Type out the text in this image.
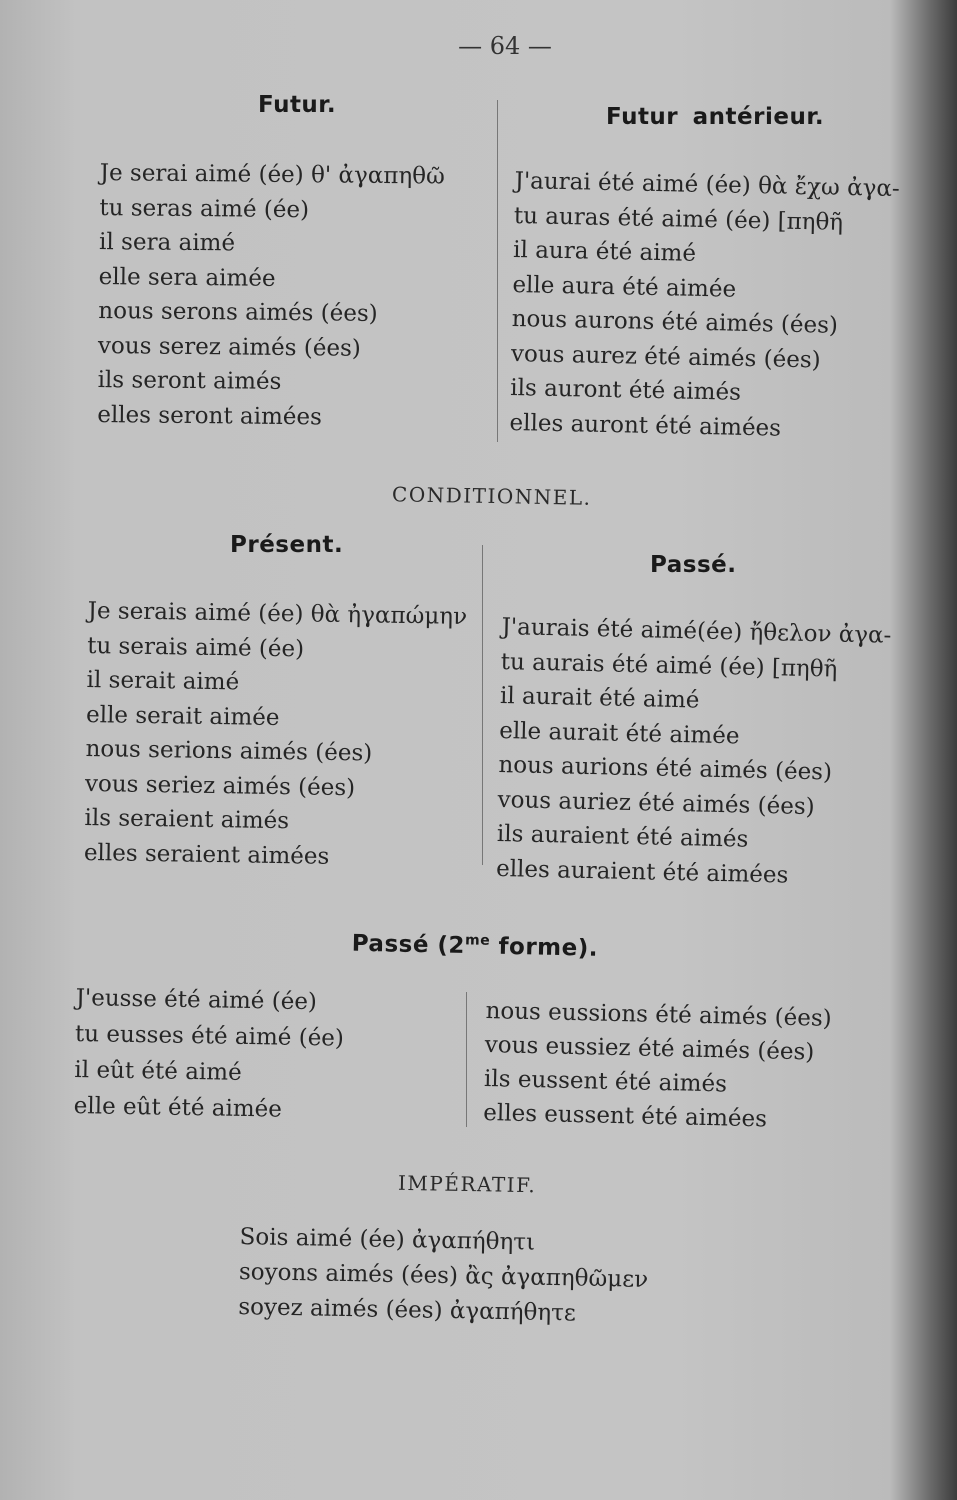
— 64 —
Futur.
Je serai aimé (ée) θ' ἀγαπηθῶ
tu seras aimé (ée)
il sera aimé
elle sera aimée
nous serons aimés (ées)
vous serez aimés (ées)
ils seront aimés
elles seront aimées
Futur antérieur.
J'aurai été aimé (ée) θὰ ἔχω ἀγα-
tu auras été aimé (ée) [πηθῆ
il aura été aimé
elle aura été aimée
nous aurons été aimés (ées)
vous aurez été aimés (ées)
ils auront été aimés
elles auront été aimées
CONDITIONNEL.
Présent.
Je serais aimé (ée) θὰ ἠγαπώμην
tu serais aimé (ée)
il serait aimé
elle serait aimée
nous serions aimés (ées)
vous seriez aimés (ées)
ils seraient aimés
elles seraient aimées
Passé.
J'aurais été aimé(ée) ἤθελον ἀγα-
tu aurais été aimé (ée) [πηθῆ
il aurait été aimé
elle aurait été aimée
nous aurions été aimés (ées)
vous auriez été aimés (ées)
ils auraient été aimés
elles auraient été aimées
Passé ($2^{me}$ forme).
J'eusse été aimé (ée)
tu eusses été aimé (ée)
il eût été aimé
elle eût été aimée
nous eussions été aimés (ées)
vous eussiez été aimés (ées)
ils eussent été aimés
elles eussent été aimées
IMPÉRATIF.
Sois aimé (ée) ἀγαπήθητι
soyons aimés (ées) ἂς ἀγαπηθῶμεν
soyez aimés (ées) ἀγαπήθητε
